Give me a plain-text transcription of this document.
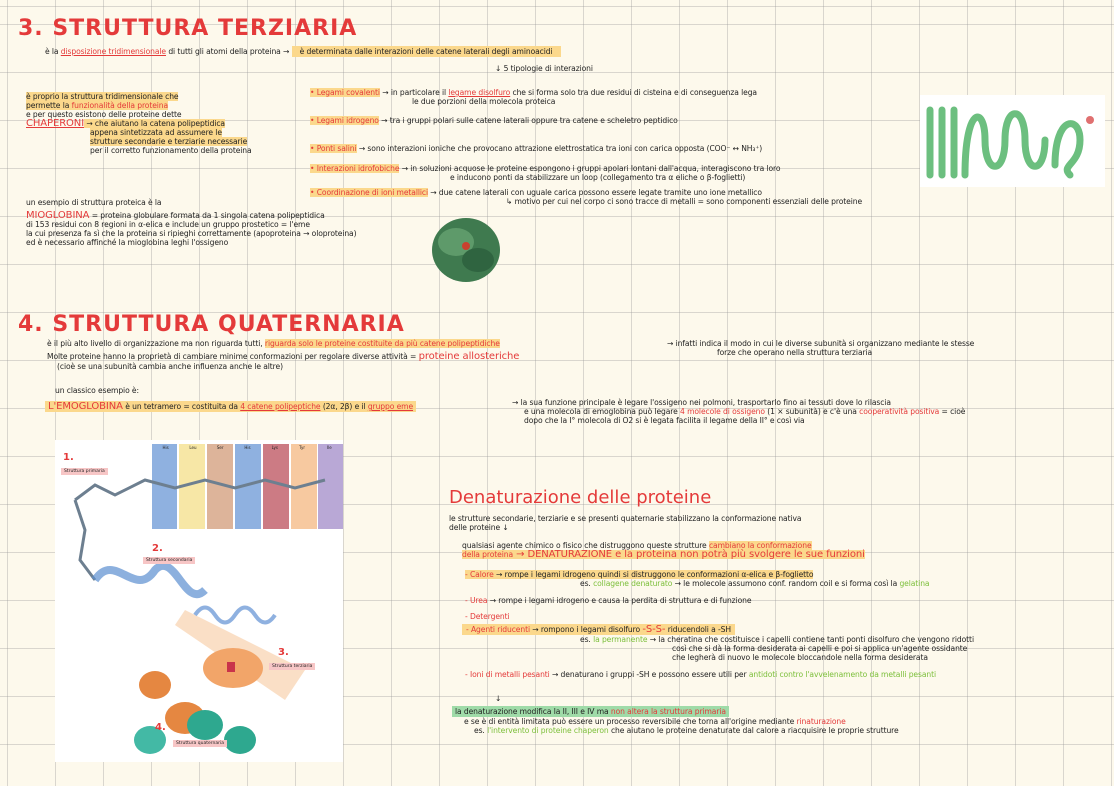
3. STRUTTURA TERZIARIA
è la disposizione tridimensionale di tutti gli atomi della proteina → è determinata dalle interazioni delle catene laterali degli aminoacidi
↓ 5 tipologie di interazioni
è proprio la struttura tridimensionale che
permette la funzionalità della proteina
e per questo esistono delle proteine dette
CHAPERONI → che aiutano la catena polipeptidica
appena sintetizzata ad assumere le
strutture secondarie e terziarie necessarie
per il corretto funzionamento della proteina
un esempio di struttura proteica è la
MIOGLOBINA = proteina globulare formata da 1 singola catena polipeptidica
di 153 residui con 8 regioni in α-elica e include un gruppo prostetico = l'eme
la cui presenza fa sì che la proteina si ripieghi correttamente (apoproteina → oloproteina)
ed è necessario affinché la mioglobina leghi l'ossigeno
• Legami covalenti → in particolare il legame disolfuro che si forma solo tra due residui di cisteina e di conseguenza lega
le due porzioni della molecola proteica
• Legami idrogeno → tra i gruppi polari sulle catene laterali oppure tra catene e scheletro peptidico
• Ponti salini → sono interazioni ioniche che provocano attrazione elettrostatica tra ioni con carica opposta (COO⁻ ↔ NH₃⁺)
• Interazioni idrofobiche → in soluzioni acquose le proteine espongono i gruppi apolari lontani dall'acqua, interagiscono tra loro
e inducono ponti da stabilizzare un loop (collegamento tra α eliche o β-foglietti)
• Coordinazione di ioni metallici → due catene laterali con uguale carica possono essere legate tramite uno ione metallico
↳ motivo per cui nel corpo ci sono tracce di metalli = sono componenti essenziali delle proteine
4. STRUTTURA QUATERNARIA
è il più alto livello di organizzazione ma non riguarda tutti, riguarda solo le proteine costituite da più catene polipeptidiche	→ infatti indica il modo in cui le diverse subunità si organizzano mediante le stesse
forze che operano nella struttura terziaria
Molte proteine hanno la proprietà di cambiare minime conformazioni per regolare diverse attività = proteine allosteriche
(cioè se una subunità cambia anche influenza anche le altre)
un classico esempio è:
L'EMOGLOBINA è un tetramero = costituita da 4 catene polipeptiche (2α, 2β) e il gruppo eme	→ la sua funzione principale è legare l'ossigeno nei polmoni, trasportarlo fino ai tessuti dove lo rilascia
e una molecola di emoglobina può legare 4 molecole di ossigeno (1 × subunità) e c'è una cooperatività positiva = cioè
dopo che la I° molecola di O2 si è legata facilita il legame della II° e così via
1.
Struttura primaria
2.
Struttura secondaria
3.
Struttura terziaria
4.
Struttura quaternaria
His	Leu	Ser	His	Lys	Tyr	Ile
Denaturazione delle proteine
le strutture secondarie, terziarie e se presenti quaternarie stabilizzano la conformazione nativa
delle proteine ↓
qualsiasi agente chimico o fisico che distruggono queste strutture cambiano la conformazione
della proteina → DENATURAZIONE e la proteina non potrà più svolgere le sue funzioni
- Calore → rompe i legami idrogeno quindi si distruggono le conformazioni α-elica e β-foglietto
es. collagene denaturato → le molecole assumono conf. random coil e si forma così la gelatina
- Urea → rompe i legami idrogeno e causa la perdita di struttura e di funzione
- Detergenti
- Agenti riducenti → rompono i legami disolfuro -S-S- riducendoli a -SH
es. la permanente → la cheratina che costituisce i capelli contiene tanti ponti disolfuro che vengono ridotti
così che si dà la forma desiderata ai capelli e poi si applica un'agente ossidante
che legherà di nuovo le molecole bloccandole nella forma desiderata
- Ioni di metalli pesanti → denaturano i gruppi -SH e possono essere utili per antidoti contro l'avvelenamento da metalli pesanti
↓
la denaturazione modifica la II, III e IV ma non altera la struttura primaria
e se è di entità limitata può essere un processo reversibile che torna all'origine mediante rinaturazione
es. l'intervento di proteine chaperon che aiutano le proteine denaturate dal calore a riacquisire le proprie strutture
